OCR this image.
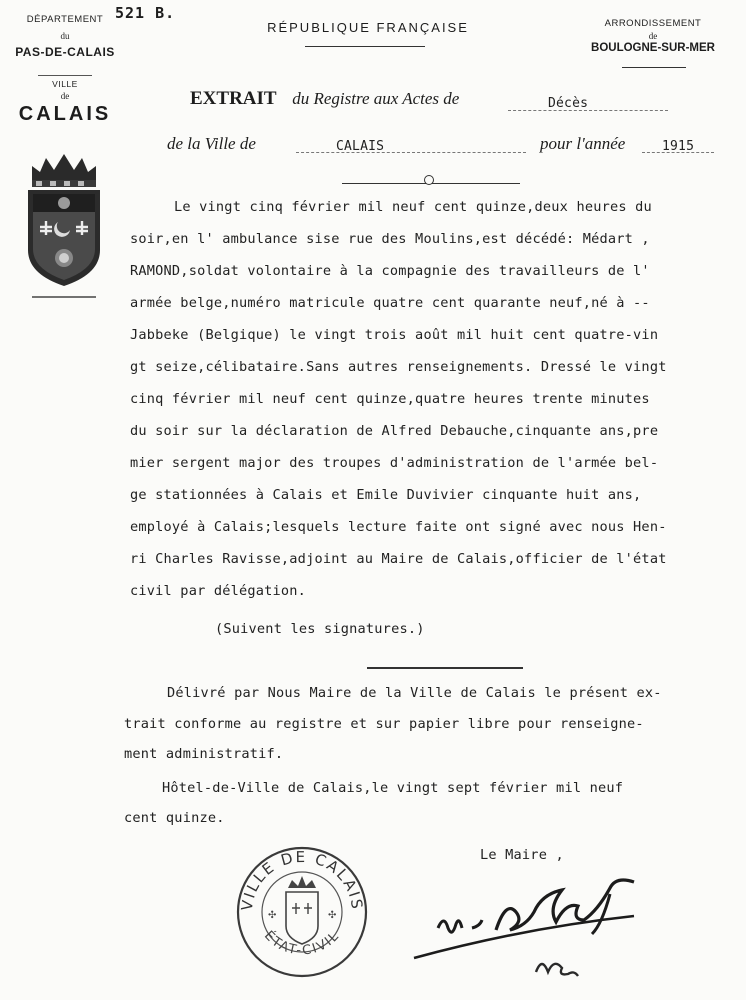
521 B.
DÉPARTEMENT
du
PAS-DE-CALAIS
VILLE
de
CALAIS
RÉPUBLIQUE FRANÇAISE	ARRONDISSEMENT
de
BOULOGNE-SUR-MER
EXTRAIT du Registre aux Actes de	Décès
de la Ville de	CALAIS	pour l'année	1915
Le vingt cinq février mil neuf cent quinze,deux heures du
soir,en l' ambulance sise rue des Moulins,est décédé: Médart ,
RAMOND,soldat volontaire à la compagnie des travailleurs de l'
armée belge,numéro matricule quatre cent quarante neuf,né à --
Jabbeke (Belgique) le vingt trois août mil huit cent quatre-vin
gt seize,célibataire.Sans autres renseignements. Dressé le vingt
cinq février mil neuf cent quinze,quatre heures trente minutes
du soir sur la déclaration de Alfred Debauche,cinquante ans,pre
mier sergent major des troupes d'administration de l'armée bel-
ge stationnées à Calais et Emile Duvivier cinquante huit ans,
employé à Calais;lesquels lecture faite ont signé avec nous Hen-
ri Charles Ravisse,adjoint au Maire de Calais,officier de l'état
civil par délégation.
(Suivent les signatures.)
Délivré par Nous Maire de la Ville de Calais le présent ex-
trait conforme au registre et sur papier libre pour renseigne-
ment administratif.
Hôtel-de-Ville de Calais,le vingt sept février mil neuf
cent quinze.
Le Maire ,
VILLE DE CALAIS
ÉTAT-CIVIL
✣	✣
